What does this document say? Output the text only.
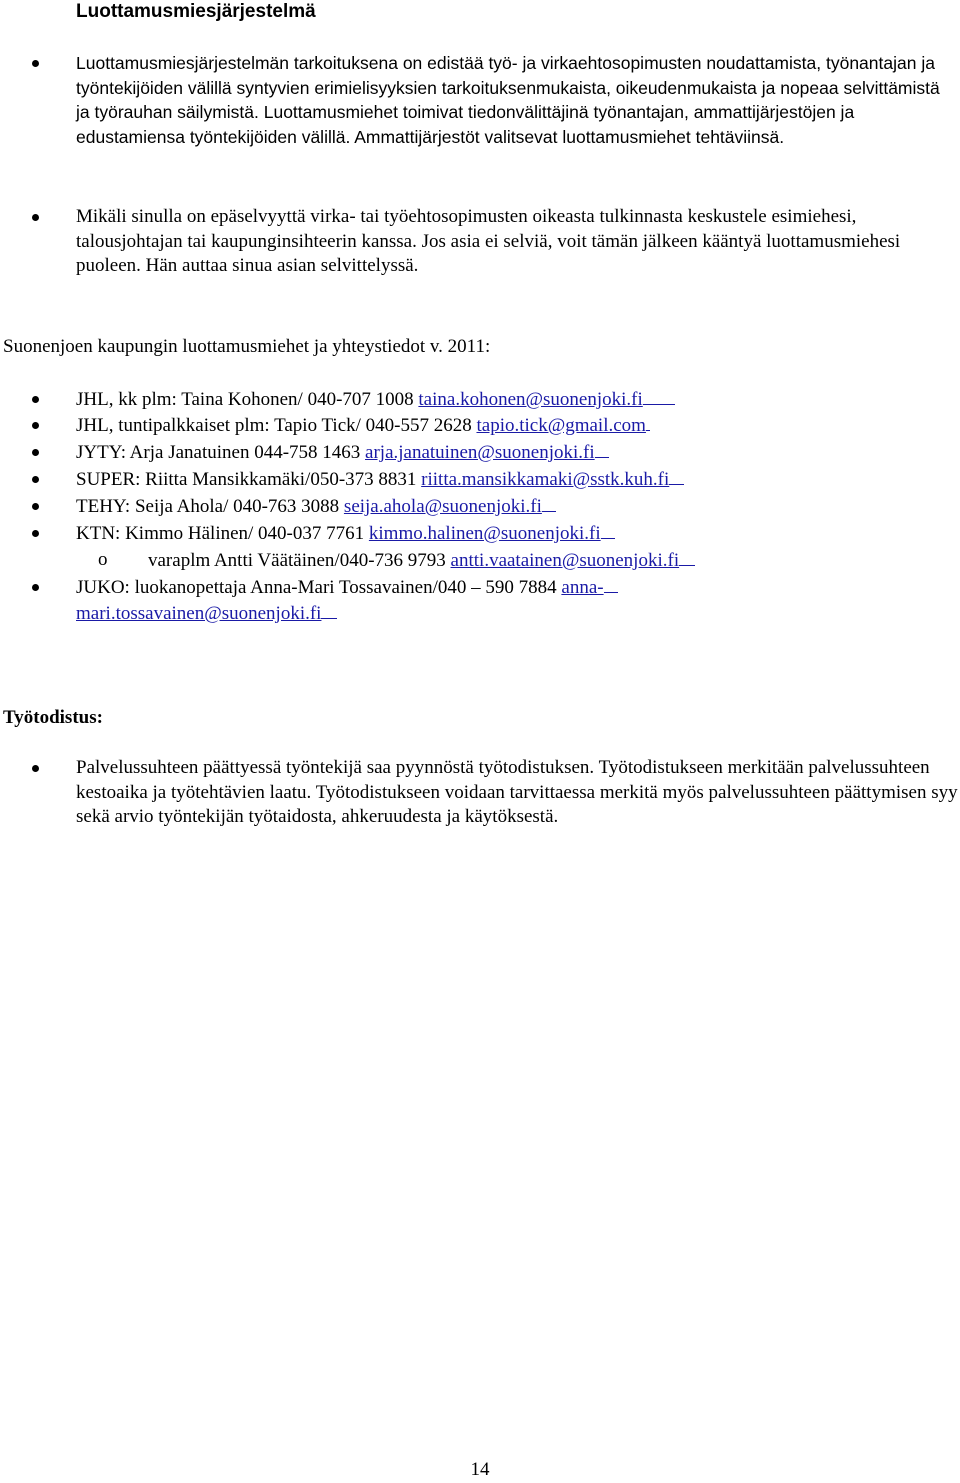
Luottamusmiesjärjestelmä
Luottamusmiesjärjestelmän tarkoituksena on edistää työ- ja virkaehtosopimusten noudattamista, työnantajan ja työntekijöiden välillä syntyvien erimielisyyksien tarkoituksenmukaista, oikeudenmukaista ja nopeaa selvittämistä ja työrauhan säilymistä. Luottamusmiehet toimivat tiedonvälittäjinä työnantajan, ammattijärjestöjen ja edustamiensa työntekijöiden välillä. Ammattijärjestöt valitsevat luottamusmiehet tehtäviinsä.
Mikäli sinulla on epäselvyyttä virka- tai työehtosopimusten oikeasta tulkinnasta keskustele esimiehesi, talousjohtajan tai kaupunginsihteerin kanssa. Jos asia ei selviä, voit tämän jälkeen kääntyä luottamusmiehesi puoleen. Hän auttaa sinua asian selvittelyssä.

Suonenjoen kaupungin luottamusmiehet ja yhteystiedot v. 2011:

JHL, kk plm: Taina Kohonen/ 040-707 1008 taina.kohonen@suonenjoki.fi
JHL, tuntipalkkaiset plm: Tapio Tick/ 040-557 2628 tapio.tick@gmail.com
JYTY: Arja Janatuinen 044-758 1463 arja.janatuinen@suonenjoki.fi
SUPER: Riitta Mansikkamäki/050-373 8831 riitta.mansikkamaki@sstk.kuh.fi
TEHY: Seija Ahola/ 040-763 3088 seija.ahola@suonenjoki.fi
KTN: Kimmo Hälinen/ 040-037 7761 kimmo.halinen@suonenjoki.fi
o varaplm Antti Väätäinen/040-736 9793 antti.vaatainen@suonenjoki.fi
JUKO: luokanopettaja Anna-Mari Tossavainen/040 – 590 7884 anna-
mari.tossavainen@suonenjoki.fi

Työtodistus:

Palvelussuhteen päättyessä työntekijä saa pyynnöstä työtodistuksen. Työtodistukseen merkitään palvelussuhteen kestoaika ja työtehtävien laatu. Työtodistukseen voidaan tarvittaessa merkitä myös palvelussuhteen päättymisen syy sekä arvio työntekijän työtaidosta, ahkeruudesta ja käytöksestä.
14
